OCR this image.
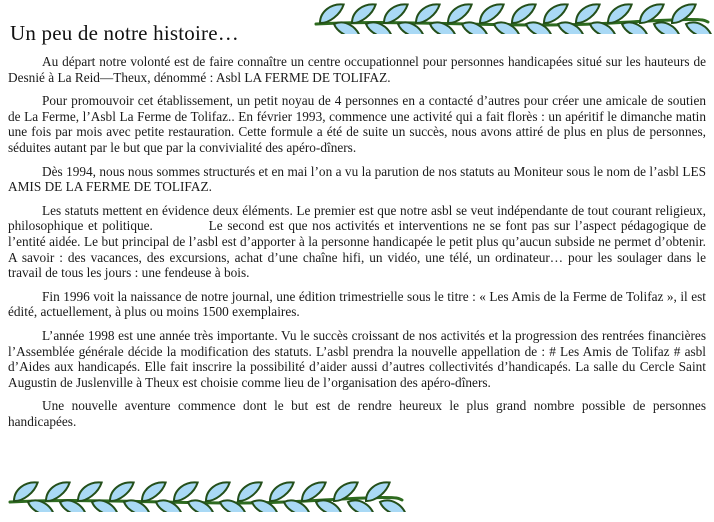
Un peu de notre histoire…

Au départ notre volonté est de faire connaître un centre occupationnel pour personnes handicapées situé sur les hauteurs de Desnié à La Reid—Theux, dénommé : Asbl LA FERME DE TOLIFAZ.

Pour promouvoir cet établissement, un petit noyau de 4 personnes en a contacté d’autres pour créer une amicale de soutien de La Ferme, l’Asbl La Ferme de Tolifaz.. En février 1993, commence une activité qui a fait florès : un apéritif le dimanche matin une fois par mois avec petite restauration. Cette formule a été de suite un succès, nous avons attiré de plus en plus de personnes, séduites autant par le but que par la convivialité des apéro-dîners.

Dès 1994, nous nous sommes structurés et en mai l’on a vu la parution de nos statuts au Moniteur sous le nom de l’asbl LES AMIS DE LA FERME DE TOLIFAZ.

Les statuts mettent en évidence deux éléments. Le premier est que notre asbl se veut indépendante de tout courant religieux, philosophique et politique.            Le second est que nos activités et interventions ne se font pas sur l’aspect pédagogique de l’entité aidée. Le but principal de l’asbl est d’apporter à la personne handicapée le petit plus qu’aucun subside ne permet d’obtenir. A savoir : des vacances, des excursions, achat d’une chaîne hifi, un vidéo, une télé, un ordinateur… pour les soulager dans le travail de tous les jours : une fendeuse à bois.

Fin 1996 voit la naissance de notre journal, une édition trimestrielle sous le titre : « Les Amis de la Ferme de Tolifaz », il est édité, actuellement, à plus ou moins 1500 exemplaires.

L’année 1998 est une année très importante. Vu le succès croissant de nos activités et la progression des rentrées financières l’Assemblée générale décide la modification des statuts. L’asbl prendra la nouvelle appellation de : # Les Amis de Tolifaz # asbl d’Aides aux handicapés. Elle fait inscrire la possibilité d’aider aussi d’autres collectivités d’handicapés. La salle du Cercle Saint Augustin de Juslenville à Theux est choisie comme lieu de l’organisation des apéro-dîners.

Une nouvelle aventure commence dont le but est de rendre heureux le plus grand nombre possible de personnes handicapées.
